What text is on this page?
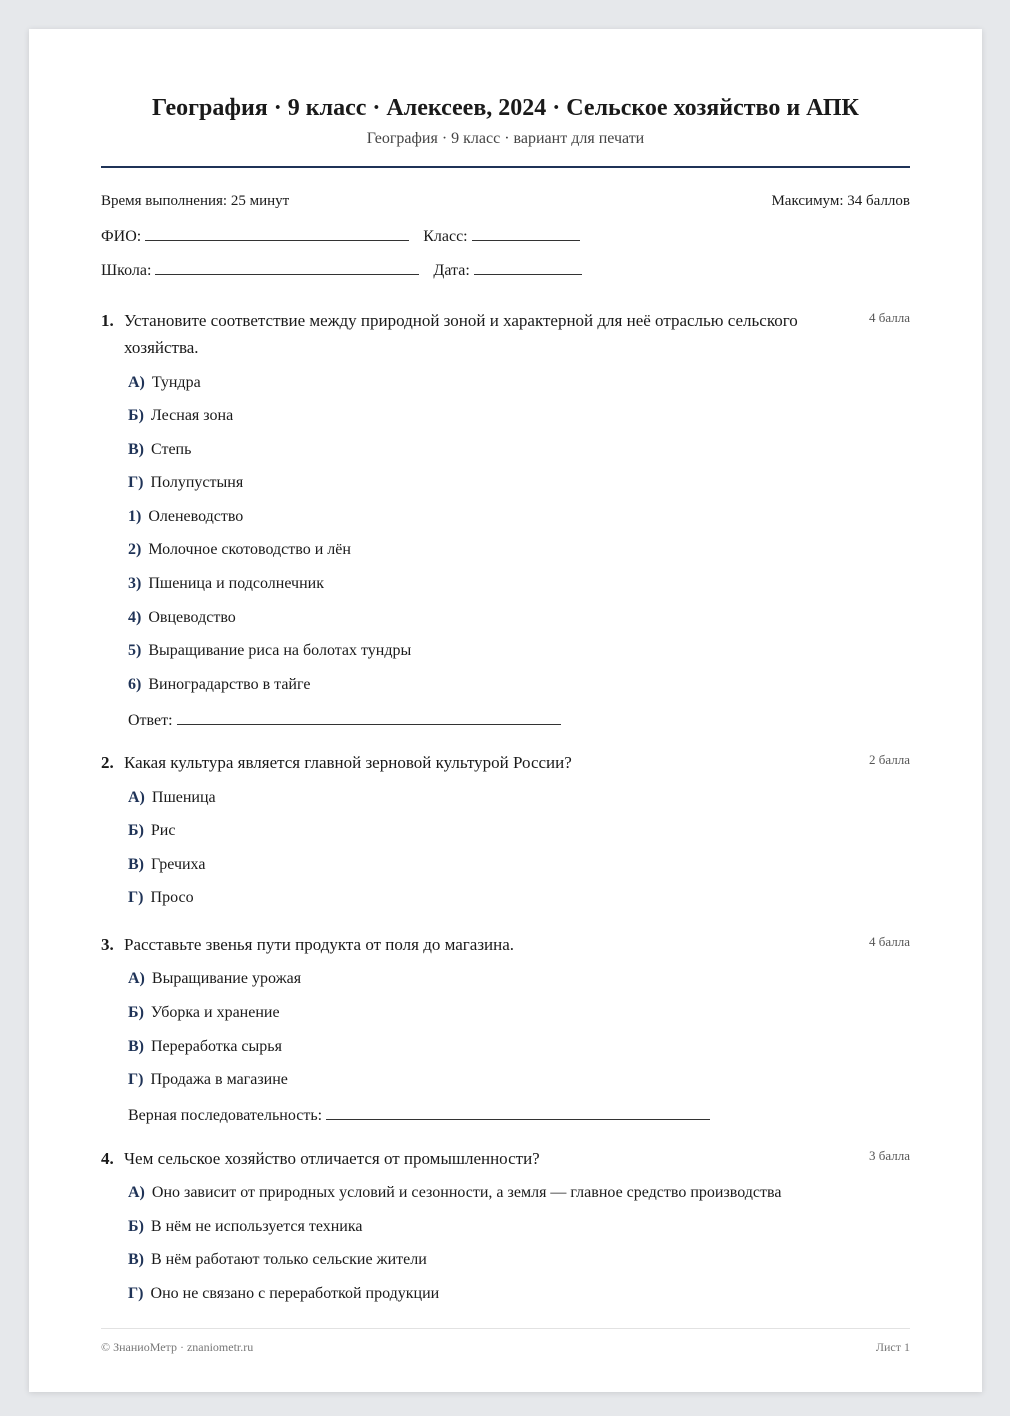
География · 9 класс · Алексеев, 2024 · Сельское хозяйство и АПК
География · 9 класс · вариант для печати
Время выполнения: 25 минут	Максимум: 34 баллов
ФИО:	Класс:
Школа:	Дата:
1. Установите соответствие между природной зоной и характерной для неё отраслью сельского хозяйства.
4 балла
А) Тундра
Б) Лесная зона
В) Степь
Г) Полупустыня
1) Оленеводство
2) Молочное скотоводство и лён
3) Пшеница и подсолнечник
4) Овцеводство
5) Выращивание риса на болотах тундры
6) Виноградарство в тайге
Ответ:
2. Какая культура является главной зерновой культурой России?	2 балла
А) Пшеница
Б) Рис
В) Гречиха
Г) Просо
3. Расставьте звенья пути продукта от поля до магазина.	4 балла
А) Выращивание урожая
Б) Уборка и хранение
В) Переработка сырья
Г) Продажа в магазине
Верная последовательность:
4. Чем сельское хозяйство отличается от промышленности?	3 балла
А) Оно зависит от природных условий и сезонности, а земля — главное средство производства
Б) В нём не используется техника
В) В нём работают только сельские жители
Г) Оно не связано с переработкой продукции
© ЗнаниоМетр · znaniometr.ru	Лист 1
